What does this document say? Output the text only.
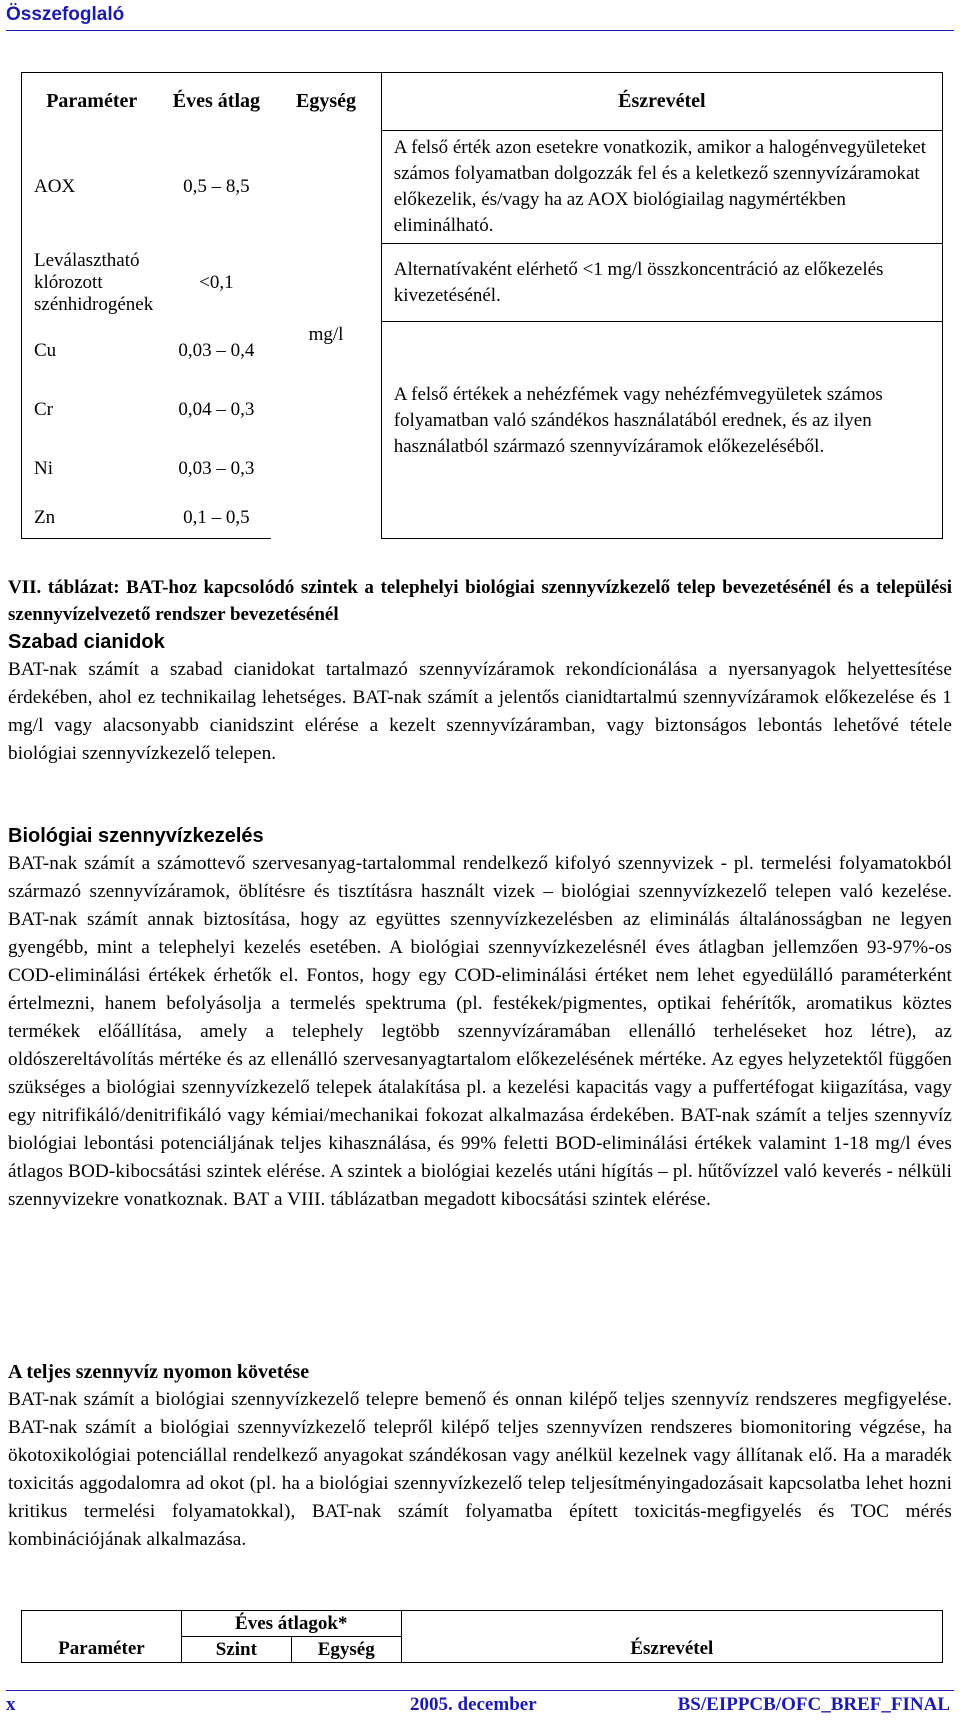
Összefoglaló
Paraméter	Éves átlag	Egység	Észrevétel
AOX	0,5 – 8,5	mg/l	A felső érték azon esetekre vonatkozik, amikor a halogénvegyületeket számos folyamatban dolgozzák fel és a keletkező szennyvízáramokat előkezelik, és/vagy ha az AOX biológiailag nagymértékben eliminálható.
Leválasztható klórozott szénhidrogének	<0,1		Alternatívaként elérhető <1 mg/l összkoncentráció az előkezelés kivezetésénél.
Cu	0,03 – 0,4		A felső értékek a nehézfémek vagy nehézfémvegyületek számos folyamatban való szándékos használatából erednek, és az ilyen használatból származó szennyvízáramok előkezeléséből.
Cr	0,04 – 0,3		
Ni	0,03 – 0,3		
Zn	0,1 – 0,5		
VII. táblázat: BAT-hoz kapcsolódó szintek a telephelyi biológiai szennyvízkezelő telep bevezetésénél és a települési szennyvízelvezető rendszer bevezetésénél
Szabad cianidok

BAT-nak számít a szabad cianidokat tartalmazó szennyvízáramok rekondícionálása a nyersanyagok helyettesítése érdekében, ahol ez technikailag lehetséges. BAT-nak számít a jelentős cianidtartalmú szennyvízáramok előkezelése és 1 mg/l vagy alacsonyabb cianidszint elérése a kezelt szennyvízáramban, vagy biztonságos lebontás lehetővé tétele biológiai szennyvízkezelő telepen.

Biológiai szennyvízkezelés

BAT-nak számít a számottevő szervesanyag-tartalommal rendelkező kifolyó szennyvizek - pl. termelési folyamatokból származó szennyvízáramok, öblítésre és tisztításra használt vizek – biológiai szennyvízkezelő telepen való kezelése. BAT-nak számít annak biztosítása, hogy az együttes szennyvízkezelésben az eliminálás általánosságban ne legyen gyengébb, mint a telephelyi kezelés esetében. A biológiai szennyvízkezelésnél éves átlagban jellemzően 93-97%-os COD-eliminálási értékek érhetők el. Fontos, hogy egy COD-eliminálási értéket nem lehet egyedülálló paraméterként értelmezni, hanem befolyásolja a termelés spektruma (pl. festékek/pigmentes, optikai fehérítők, aromatikus köztes termékek előállítása, amely a telephely legtöbb szennyvízáramában ellenálló terheléseket hoz létre), az oldószereltávolítás mértéke és az ellenálló szervesanyagtartalom előkezelésének mértéke. Az egyes helyzetektől függően szükséges a biológiai szennyvízkezelő telepek átalakítása pl. a kezelési kapacitás vagy a puffertéfogat kiigazítása, vagy egy nitrifikáló/denitrifikáló vagy kémiai/mechanikai fokozat alkalmazása érdekében. BAT-nak számít a teljes szennyvíz biológiai lebontási potenciáljának teljes kihasználása, és 99% feletti BOD-eliminálási értékek valamint 1-18 mg/l éves átlagos BOD-kibocsátási szintek elérése. A szintek a biológiai kezelés utáni hígítás – pl. hűtővízzel való keverés - nélküli szennyvizekre vonatkoznak. BAT a VIII. táblázatban megadott kibocsátási szintek elérése.

A teljes szennyvíz nyomon követése

BAT-nak számít a biológiai szennyvízkezelő telepre bemenő és onnan kilépő teljes szennyvíz rendszeres megfigyelése. BAT-nak számít a biológiai szennyvízkezelő telepről kilépő teljes szennyvízen rendszeres biomonitoring végzése, ha ökotoxikológiai potenciállal rendelkező anyagokat szándékosan vagy anélkül kezelnek vagy állítanak elő. Ha a maradék toxicitás aggodalomra ad okot (pl. ha a biológiai szennyvízkezelő telep teljesítményingadozásait kapcsolatba lehet hozni kritikus termelési folyamatokkal), BAT-nak számít folyamatba épített toxicitás-megfigyelés és TOC mérés kombinációjának alkalmazása.

	Éves átlagok*		
Paraméter	Szint	Egység	Észrevétel
x	2005. december	BS/EIPPCB/OFC_BREF_FINAL
